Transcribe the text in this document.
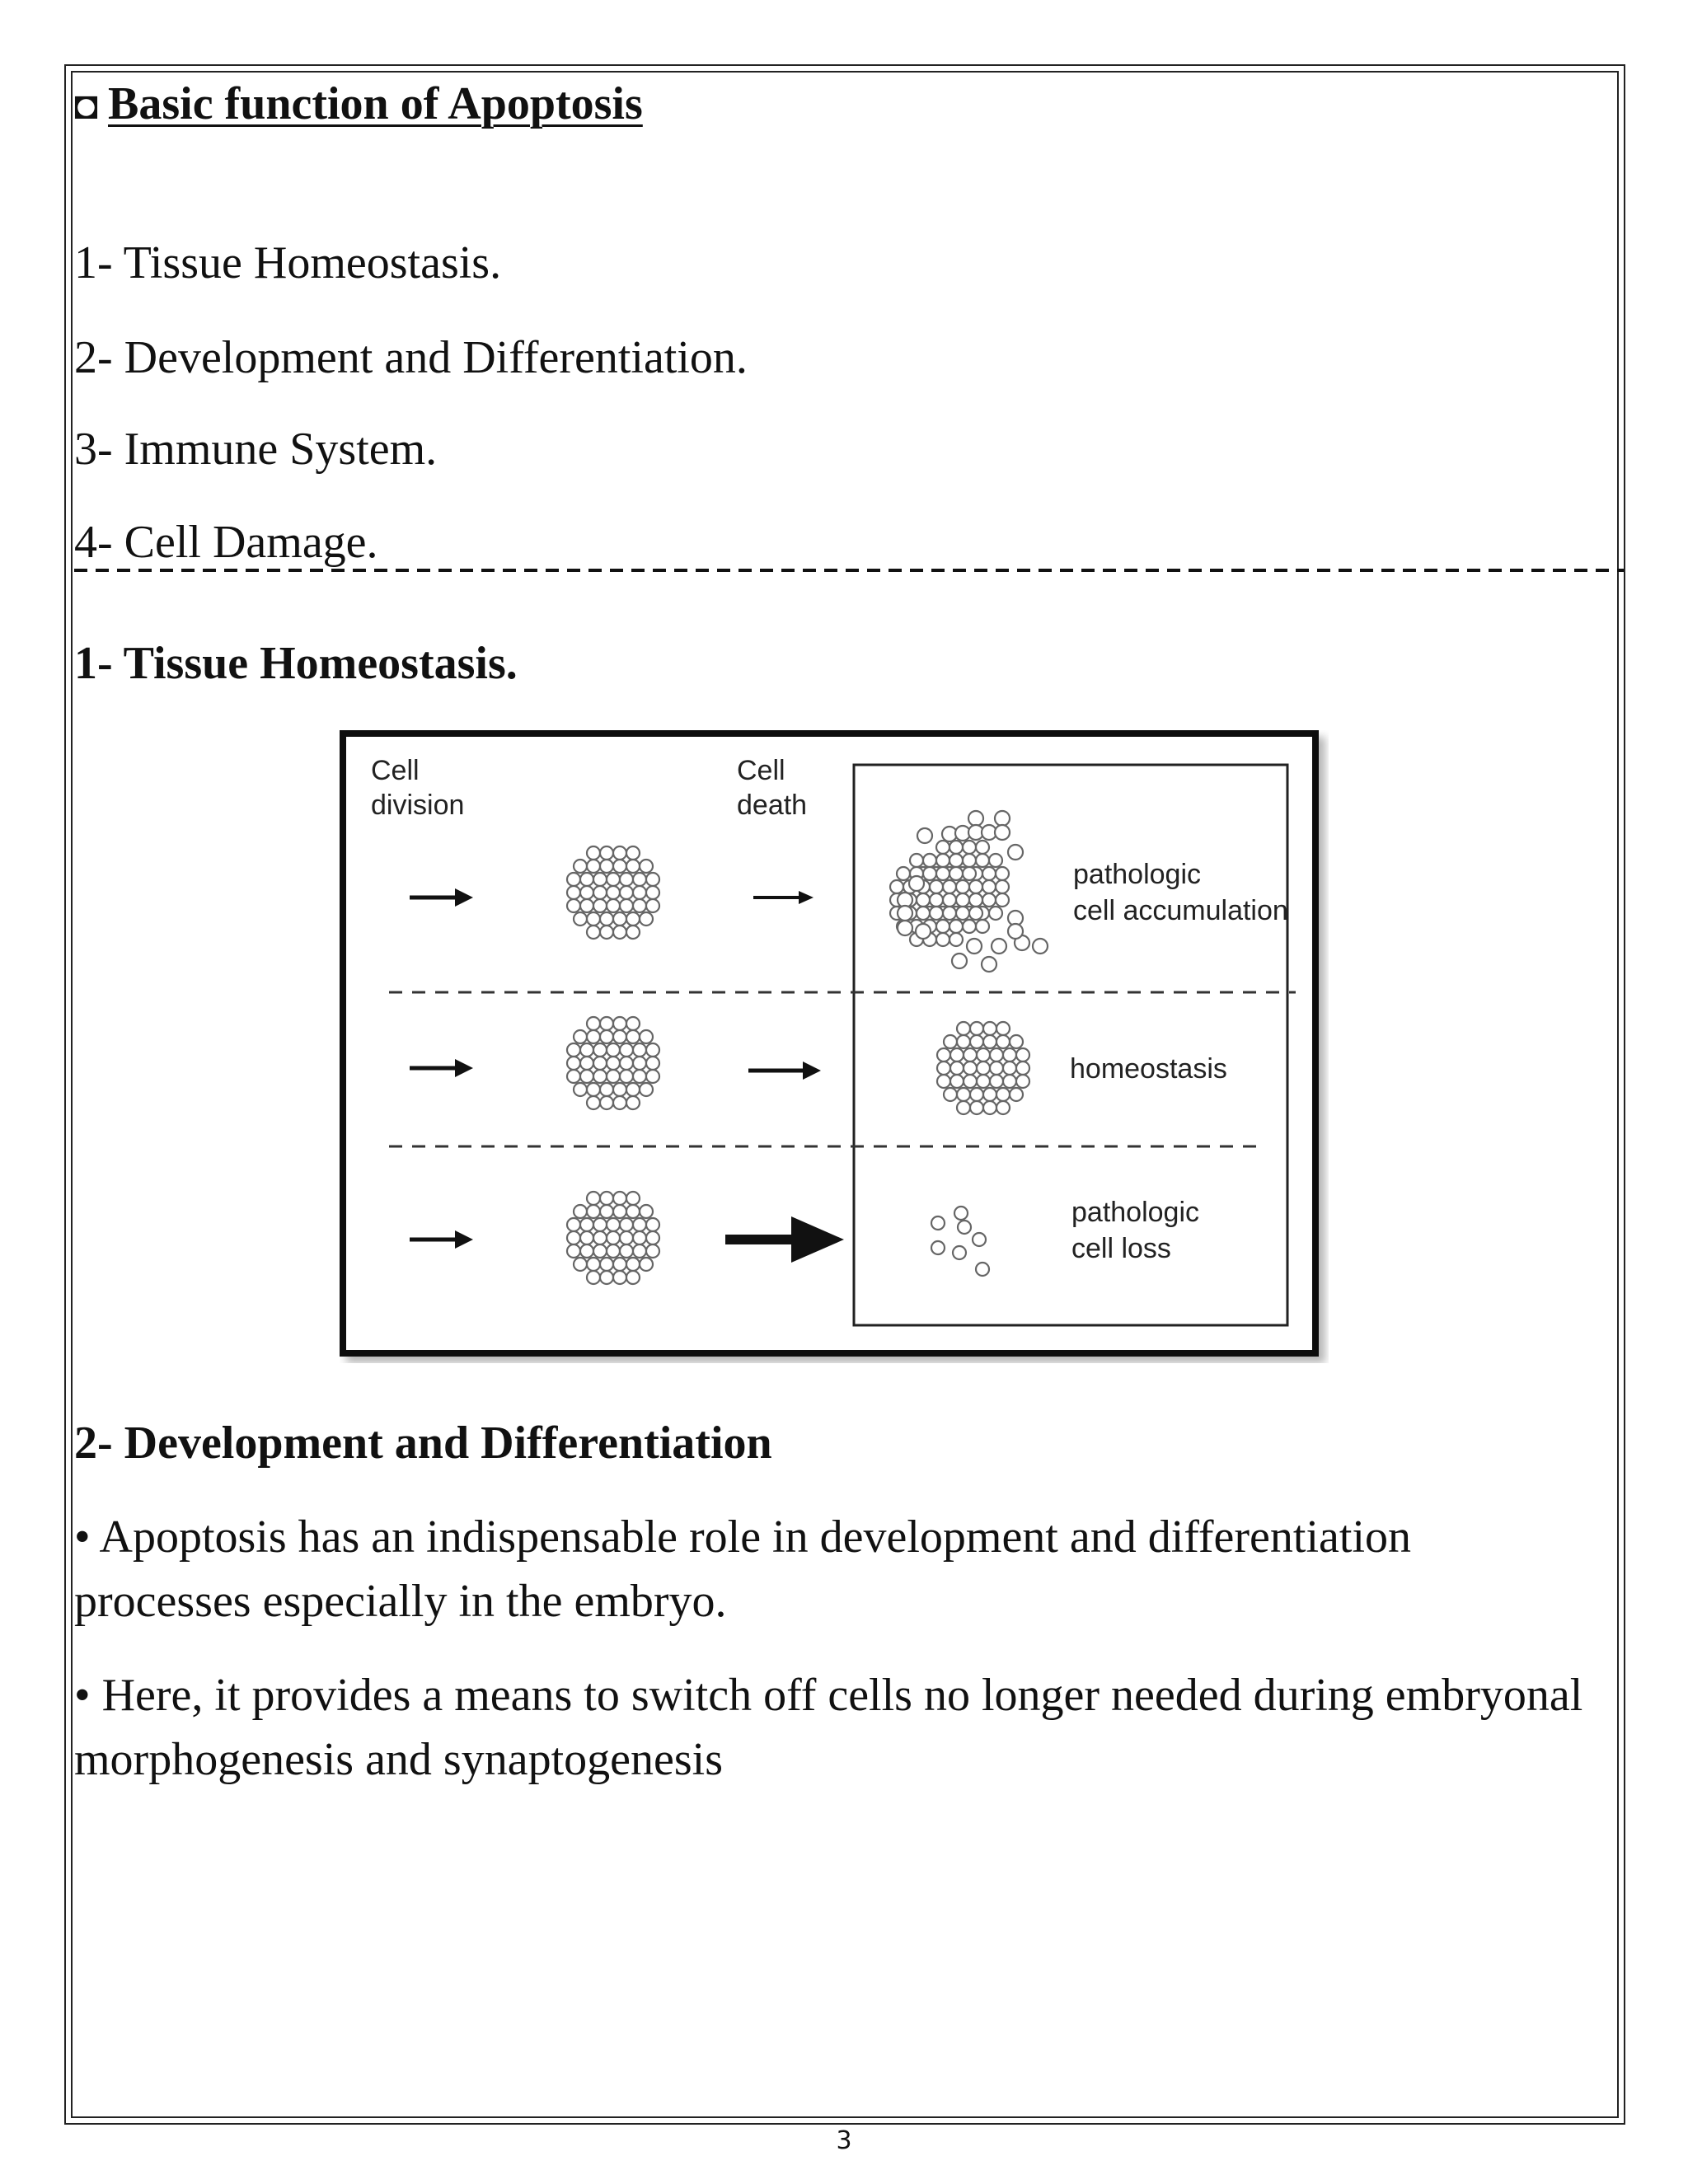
◘ Basic function of Apoptosis
1- Tissue Homeostasis.
2- Development and Differentiation.
3- Immune System.
4- Cell Damage.
1- Tissue Homeostasis.
Cell
division
Cell
death
pathologic
cell accumulation
homeostasis
pathologic
cell loss
2- Development and Differentiation
• Apoptosis has an indispensable role in development and differentiation processes especially in the embryo.
• Here, it provides a means to switch off cells no longer needed during embryonal morphogenesis and synaptogenesis
3
